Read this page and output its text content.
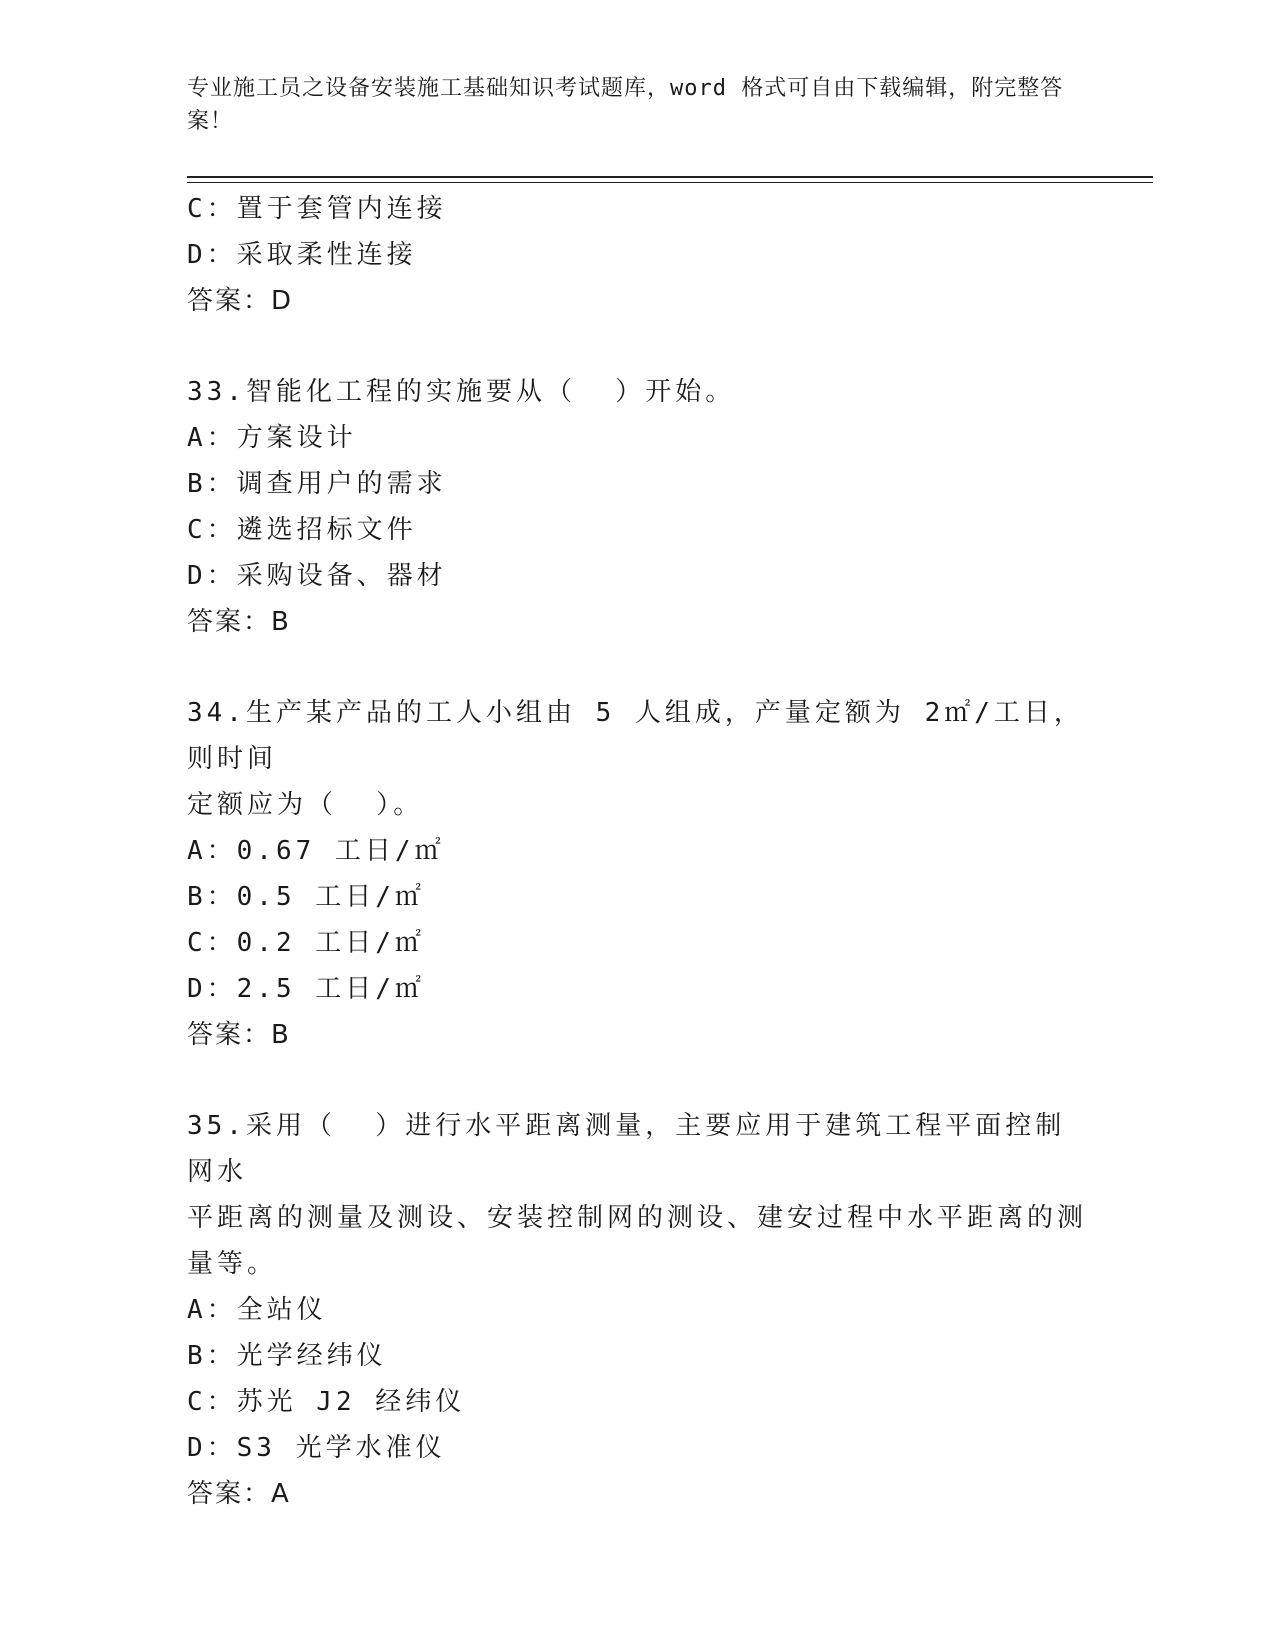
专业施工员之设备安装施工基础知识考试题库，word 格式可自由下载编辑，附完整答案！
C：置于套管内连接
D：采取柔性连接
答案：D
33.智能化工程的实施要从（  ）开始。
A：方案设计
B：调查用户的需求
C：遴选招标文件
D：采购设备、器材
答案：B
34.生产某产品的工人小组由 5 人组成，产量定额为 2㎡/工日，则时间
定额应为（  ）。
A：0.67 工日/㎡
B：0.5 工日/㎡
C：0.2 工日/㎡
D：2.5 工日/㎡
答案：B
35.采用（  ）进行水平距离测量，主要应用于建筑工程平面控制网水
平距离的测量及测设、安装控制网的测设、建安过程中水平距离的测
量等。
A：全站仪
B：光学经纬仪
C：苏光 J2 经纬仪
D：S3 光学水准仪
答案：A
